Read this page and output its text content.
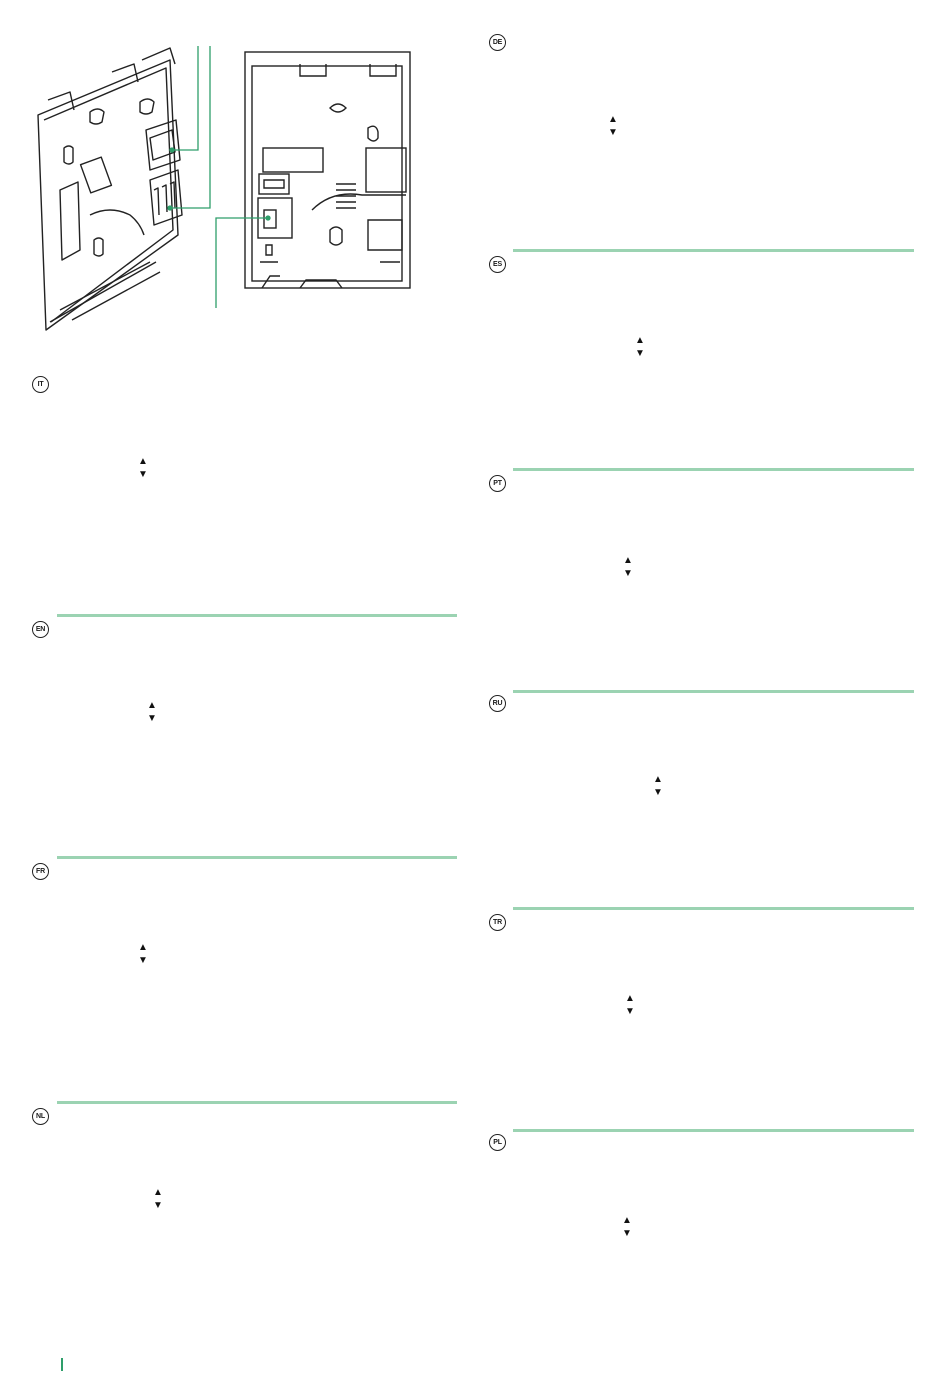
IT
▲
▼
EN
▲
▼
FR
▲
▼
NL
▲
▼
DE
▲
▼
ES
▲
▼
PT
▲
▼
RU
▲
▼
TR
▲
▼
PL
▲
▼
